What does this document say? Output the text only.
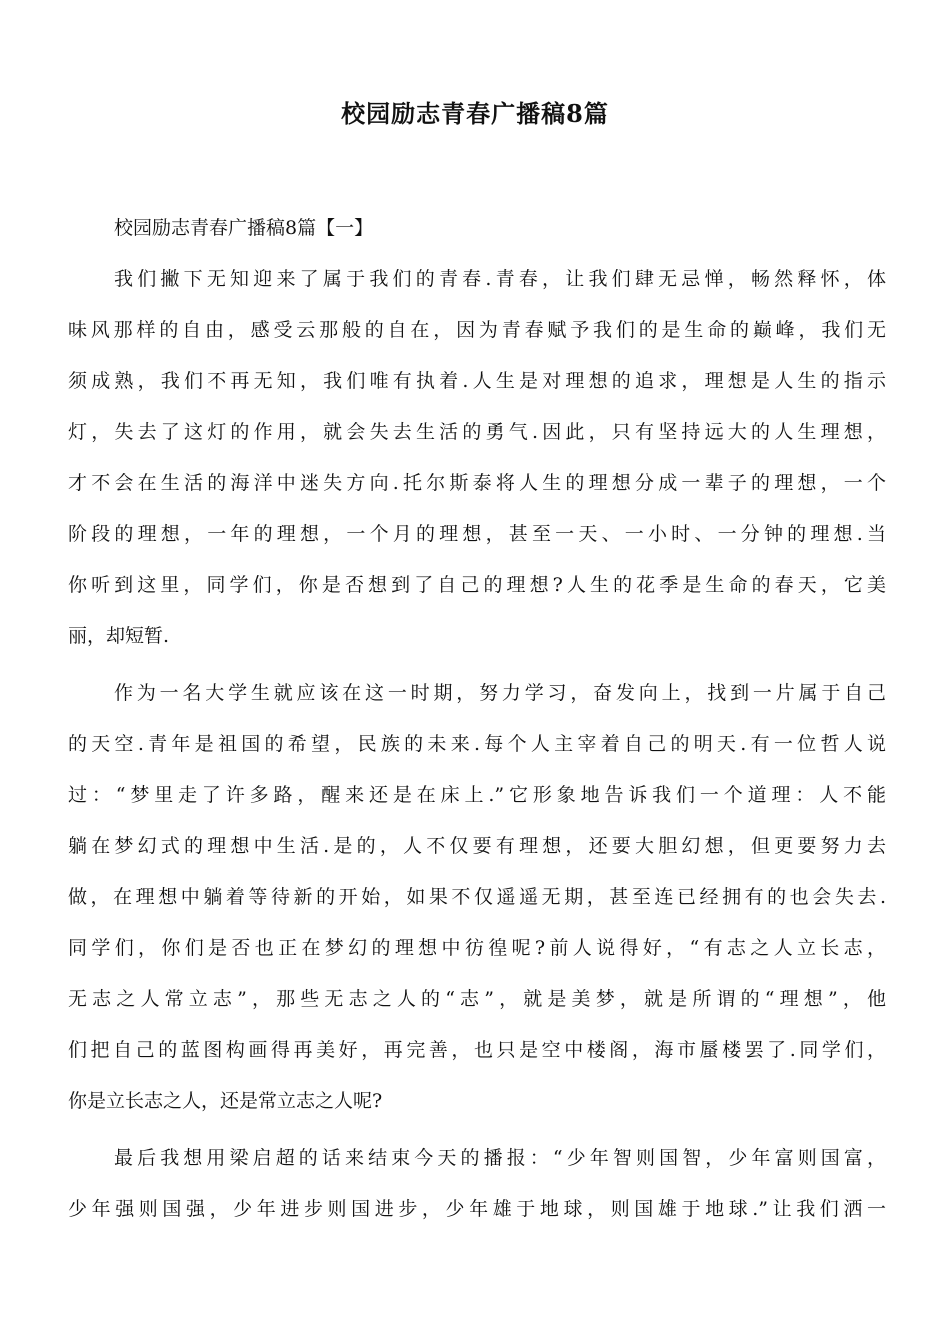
校园励志青春广播稿8篇

校园励志青春广播稿8篇【一】

我们撇下无知迎来了属于我们的青春.青春，让我们肆无忌惮，畅然释怀，体
味风那样的自由，感受云那般的自在，因为青春赋予我们的是生命的巅峰，我们无
须成熟，我们不再无知，我们唯有执着.人生是对理想的追求，理想是人生的指示
灯，失去了这灯的作用，就会失去生活的勇气.因此，只有坚持远大的人生理想，
才不会在生活的海洋中迷失方向.托尔斯泰将人生的理想分成一辈子的理想，一个
阶段的理想，一年的理想，一个月的理想，甚至一天、一小时、一分钟的理想.当
你听到这里，同学们，你是否想到了自己的理想?人生的花季是生命的春天，它美
丽，却短暂.
作为一名大学生就应该在这一时期，努力学习，奋发向上，找到一片属于自己
的天空.青年是祖国的希望，民族的未来.每个人主宰着自己的明天.有一位哲人说
过：“梦里走了许多路，醒来还是在床上.”它形象地告诉我们一个道理：人不能
躺在梦幻式的理想中生活.是的，人不仅要有理想，还要大胆幻想，但更要努力去
做，在理想中躺着等待新的开始，如果不仅遥遥无期，甚至连已经拥有的也会失去.
同学们，你们是否也正在梦幻的理想中彷徨呢?前人说得好，“有志之人立长志，
无志之人常立志”，那些无志之人的“志”，就是美梦，就是所谓的“理想”，他
们把自己的蓝图构画得再美好，再完善，也只是空中楼阁，海市蜃楼罢了.同学们，
你是立长志之人，还是常立志之人呢?
最后我想用梁启超的话来结束今天的播报：“少年智则国智，少年富则国富，
少年强则国强，少年进步则国进步，少年雄于地球，则国雄于地球.”让我们洒一
